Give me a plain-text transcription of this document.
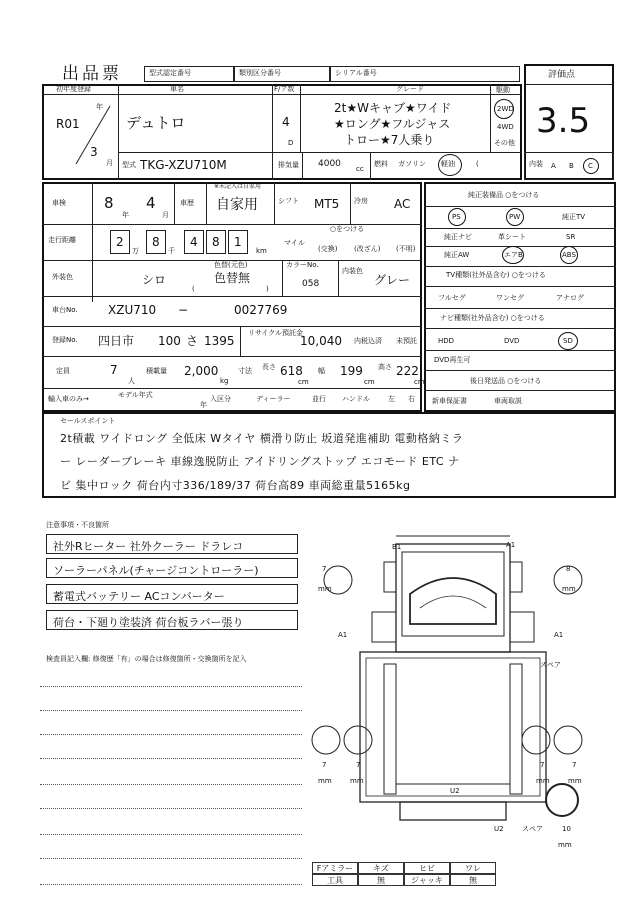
出品票	型式認定番号	類別区分番号	シリアル番号	評価点
3.5
初年度登録
R01
年
3
月
車名
デュトロ
F/ア数
4
D
グレード
2t★Wキャブ★ワイド
★ロング★フルジャス
トロー★7人乗り
駆動
2WD
4WD
その他
型式 TKG-XZU710M	排気量 4000 cc
燃料 ガソリン 軽油	(	内装 A B C
車検	8
年
4
月
車歴
※未記入は自家用
自家用	シフト MT5 冷房 AC
走行距離	2
万
8
千
4 8 1
km
マイル
○をつける
(交換) (改ざん) (不明)
外装色	シロ
色替(元色)
色替無
(	)
カラーNo.
058
内装色
グレー
車台No.	XZU710 −	0027769
登録No. 四日市 100 さ 1395
リサイクル預託金
10,040 内税込済 未預託
定員	7
人
積載量 2,000
kg
寸法 長さ 618
cm
幅 199
cm
高さ 222
cm
輸入車のみ→	モデル年式
年
入区分	ディーラー	並行 ハンドル	左 右
純正装備品 ○をつける
PS	PW	純正TV
純正ナビ	革シート	SR
純正AW	エアB	ABS
TV種類(社外品含む) ○をつける
フルセグ	ワンセグ	アナログ
ナビ種類(社外品含む) ○をつける
HDD	DVD	SD
DVD再生可
後日発送品 ○をつける
新車保証書	車両取説
セールスポイント
2t積載 ワイドロング 全低床 Wタイヤ 横滑り防止 坂道発進補助 電動格納ミラ
ー レーダーブレーキ 車線逸脱防止 アイドリングストップ エコモード ETC ナ
ビ 集中ロック 荷台内寸336/189/37 荷台高89 車両総重量5165kg
注意事項・不良箇所
社外Rヒーター 社外クーラー ドラレコ
ソーラーパネル(チャージコントローラー)
蓄電式バッテリー ACコンバーター
荷台・下廻り塗装済 荷台板ラバー張り
検査員記入欄: 修復歴「有」の場合は修復箇所・交換箇所を記入
B1	A1
A1	A1
U2
U2
スペア
スペア
7	8
7	7	7	7
10
mm	mm
mm	mm	mm	mm
mm
Fアミラー	キズ	ヒビ	ワレ
工具	無	ジャッキ	無
